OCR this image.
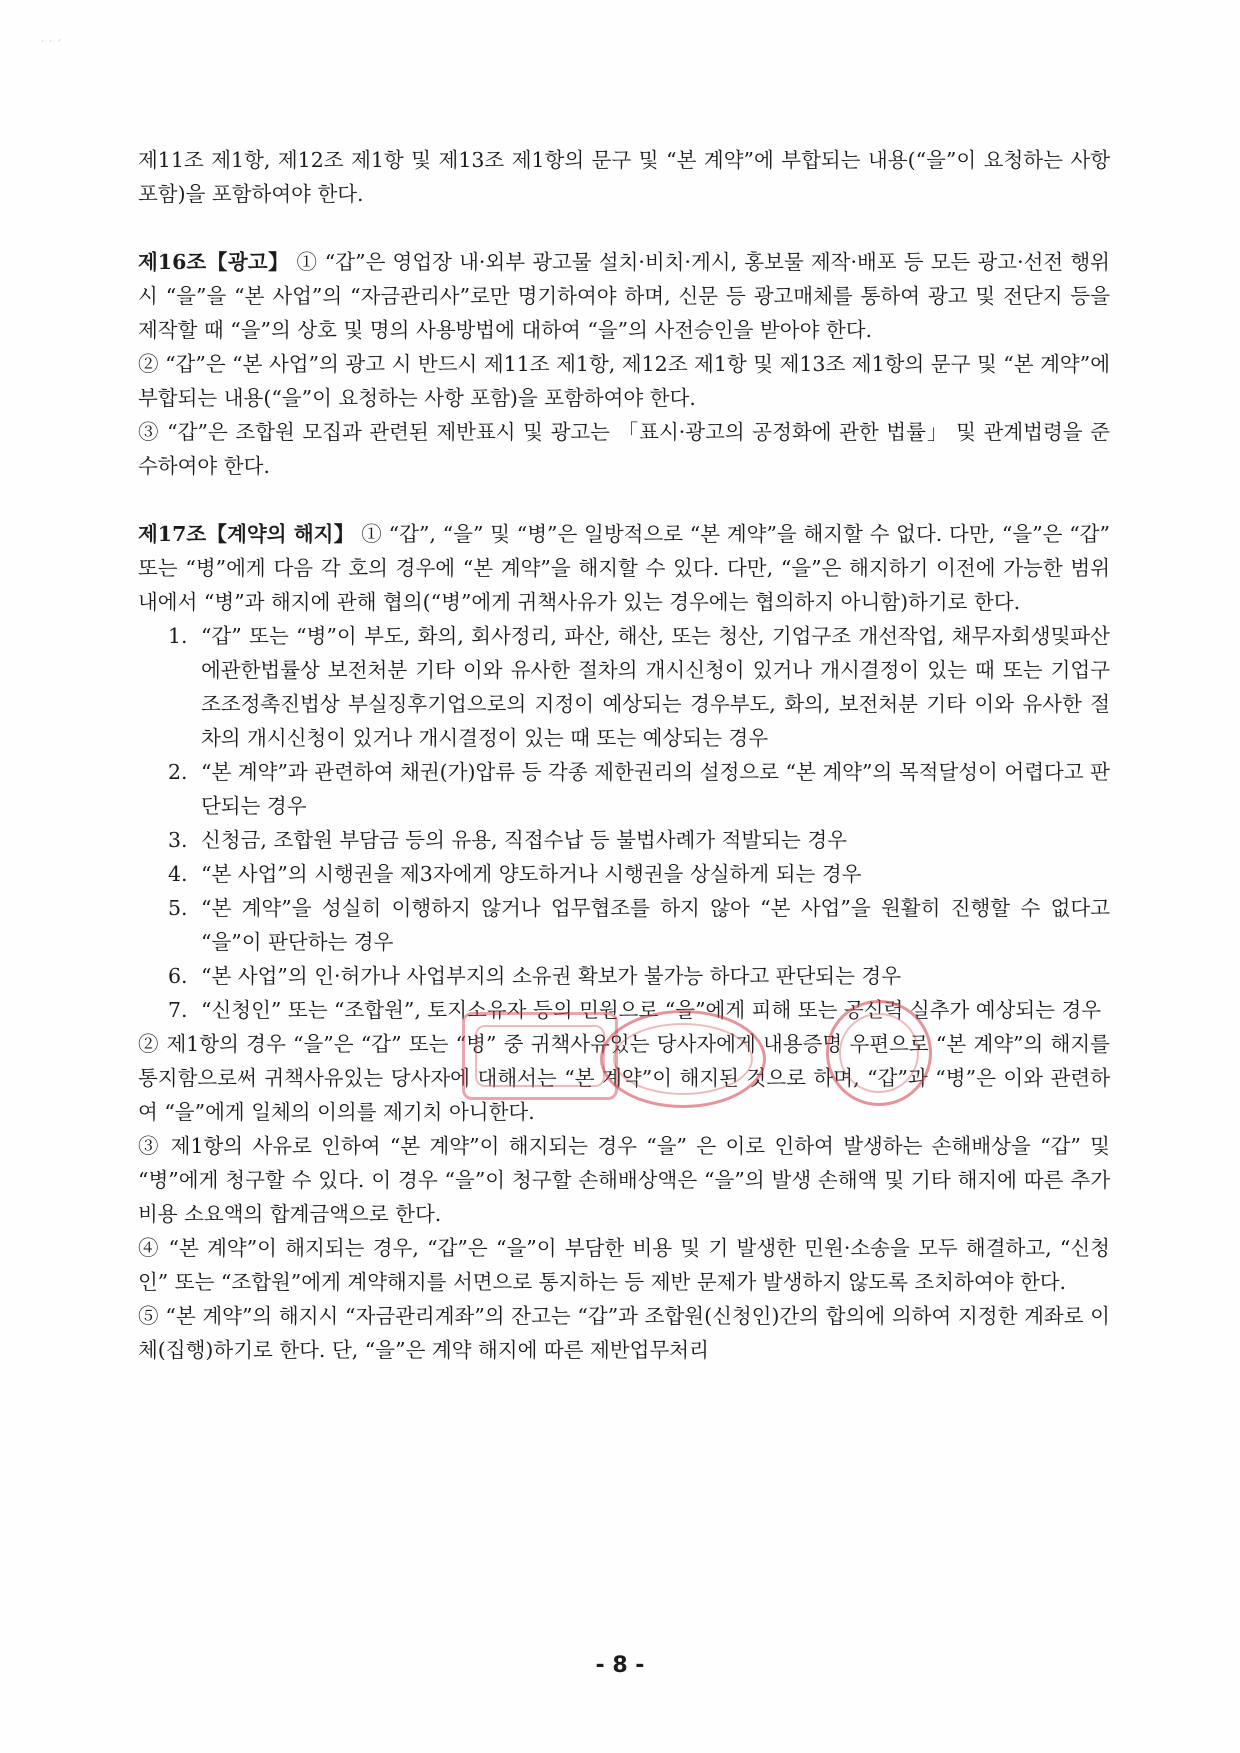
˙ ˙ ˊ

제11조 제1항, 제12조 제1항 및 제13조 제1항의 문구 및 “본 계약”에 부합되는 내용(“을”이 요청하는 사항 포함)을 포함하여야 한다.

제16조【광고】 ① “갑”은 영업장 내·외부 광고물 설치·비치·게시, 홍보물 제작·배포 등 모든 광고·선전 행위시 “을”을 “본 사업”의 “자금관리사”로만 명기하여야 하며, 신문 등 광고매체를 통하여 광고 및 전단지 등을 제작할 때 “을”의 상호 및 명의 사용방법에 대하여 “을”의 사전승인을 받아야 한다.

② “갑”은 “본 사업”의 광고 시 반드시 제11조 제1항, 제12조 제1항 및 제13조 제1항의 문구 및 “본 계약”에 부합되는 내용(“을”이 요청하는 사항 포함)을 포함하여야 한다.

③ “갑”은 조합원 모집과 관련된 제반표시 및 광고는 「표시·광고의 공정화에 관한 법률」 및 관계법령을 준수하여야 한다.

제17조【계약의 해지】 ① “갑”, “을” 및 “병”은 일방적으로 “본 계약”을 해지할 수 없다. 다만, “을”은 “갑” 또는 “병”에게 다음 각 호의 경우에 “본 계약”을 해지할 수 있다. 다만, “을”은 해지하기 이전에 가능한 범위 내에서 “병”과 해지에 관해 협의(“병”에게 귀책사유가 있는 경우에는 협의하지 아니함)하기로 한다.

1. “갑” 또는 “병”이 부도, 화의, 회사정리, 파산, 해산, 또는 청산, 기업구조 개선작업, 채무자회생및파산에관한법률상 보전처분 기타 이와 유사한 절차의 개시신청이 있거나 개시결정이 있는 때 또는 기업구조조정촉진법상 부실징후기업으로의 지정이 예상되는 경우부도, 화의, 보전처분 기타 이와 유사한 절차의 개시신청이 있거나 개시결정이 있는 때 또는 예상되는 경우
2. “본 계약”과 관련하여 채권(가)압류 등 각종 제한권리의 설정으로 “본 계약”의 목적달성이 어렵다고 판단되는 경우
3. 신청금, 조합원 부담금 등의 유용, 직접수납 등 불법사례가 적발되는 경우
4. “본 사업”의 시행권을 제3자에게 양도하거나 시행권을 상실하게 되는 경우
5. “본 계약”을 성실히 이행하지 않거나 업무협조를 하지 않아 “본 사업”을 원활히 진행할 수 없다고 “을”이 판단하는 경우
6. “본 사업”의 인·허가나 사업부지의 소유권 확보가 불가능 하다고 판단되는 경우
7. “신청인” 또는 “조합원”, 토지소유자 등의 민원으로 “을”에게 피해 또는 공신력 실추가 예상되는 경우

② 제1항의 경우 “을”은 “갑” 또는 “병” 중 귀책사유있는 당사자에게 내용증명 우편으로 “본 계약”의 해지를 통지함으로써 귀책사유있는 당사자에 대해서는 “본 계약”이 해지된 것으로 하며, “갑”과 “병”은 이와 관련하여 “을”에게 일체의 이의를 제기치 아니한다.

③ 제1항의 사유로 인하여 “본 계약”이 해지되는 경우 “을” 은 이로 인하여 발생하는 손해배상을 “갑” 및 “병”에게 청구할 수 있다. 이 경우 “을”이 청구할 손해배상액은 “을”의 발생 손해액 및 기타 해지에 따른 추가비용 소요액의 합계금액으로 한다.

④ “본 계약”이 해지되는 경우, “갑”은 “을”이 부담한 비용 및 기 발생한 민원·소송을 모두 해결하고, “신청인” 또는 “조합원”에게 계약해지를 서면으로 통지하는 등 제반 문제가 발생하지 않도록 조치하여야 한다.

⑤ “본 계약”의 해지시 “자금관리계좌”의 잔고는 “갑”과 조합원(신청인)간의 합의에 의하여 지정한 계좌로 이체(집행)하기로 한다. 단, “을”은 계약 해지에 따른 제반업무처리

- 8 -
